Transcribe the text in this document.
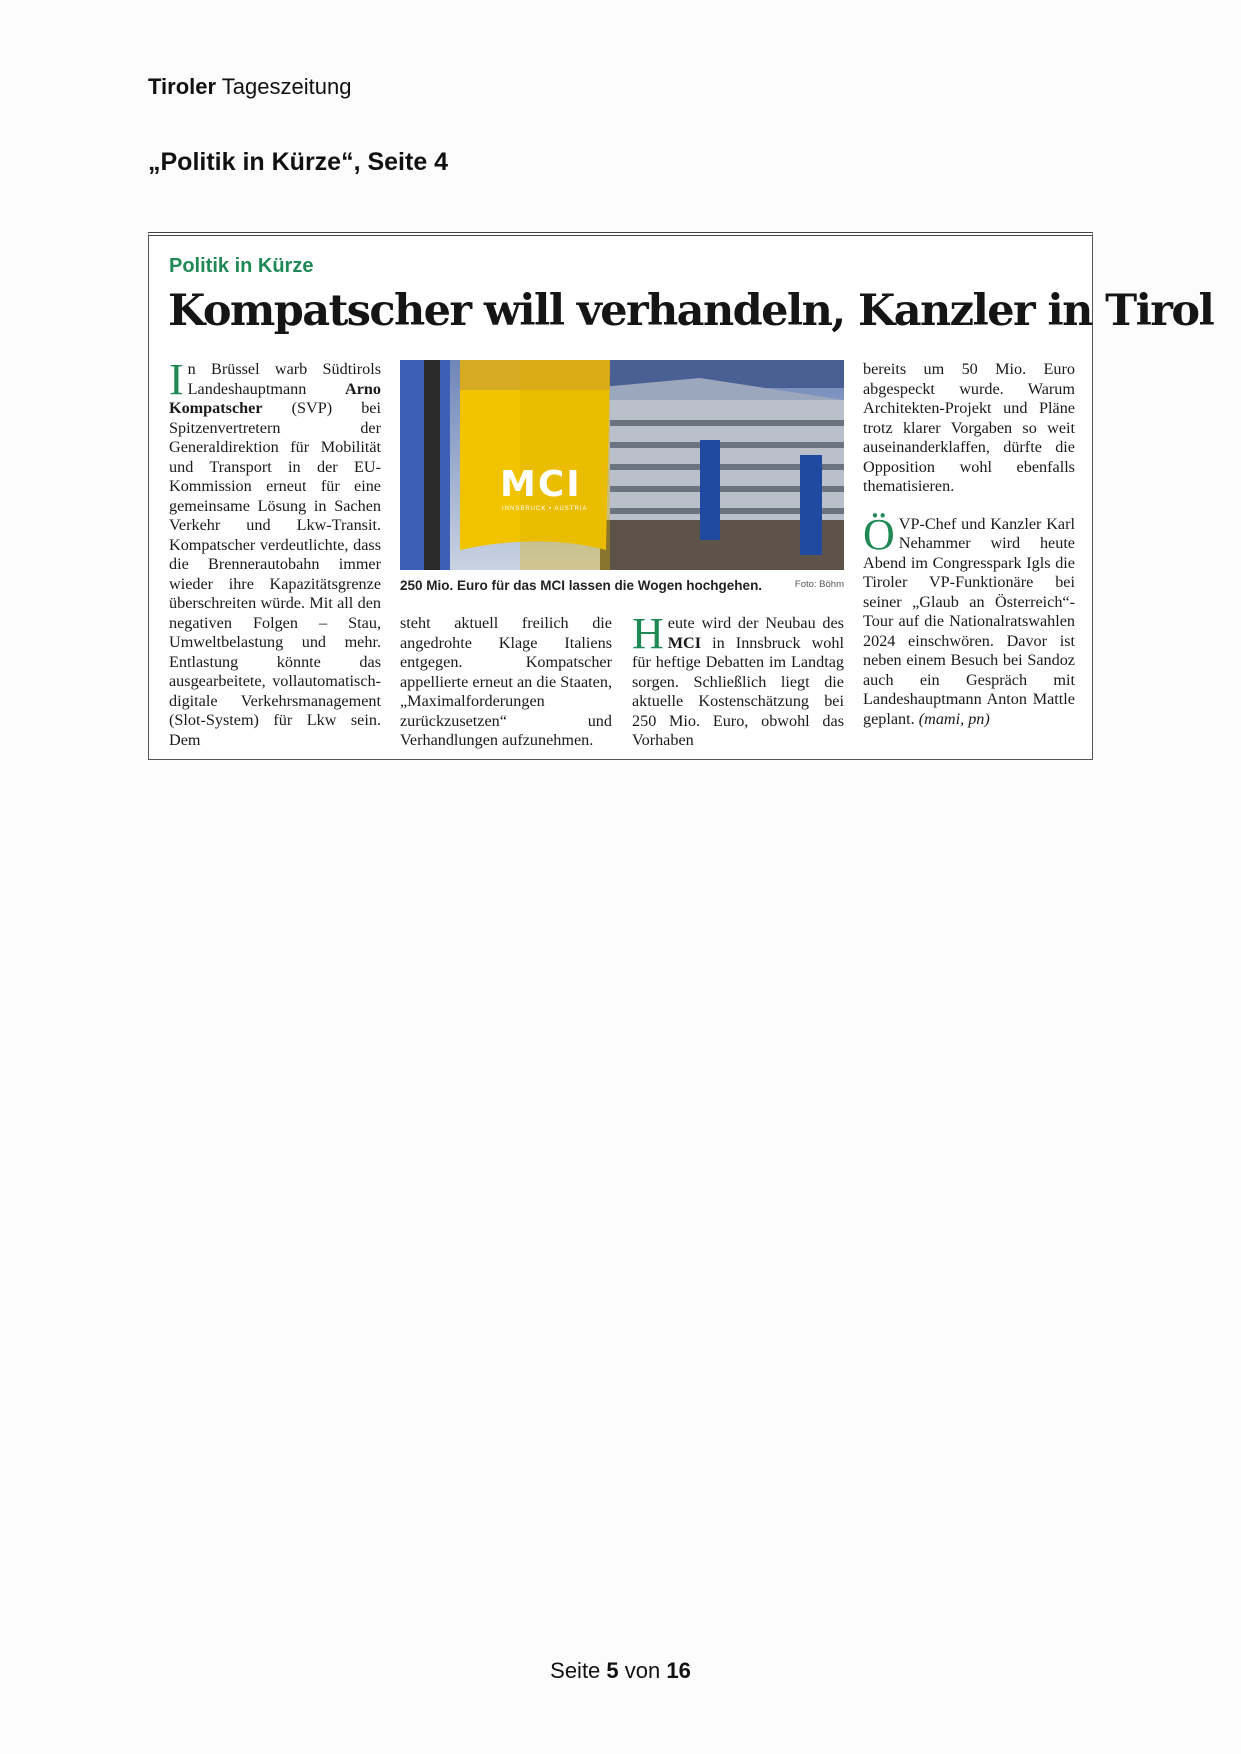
Tiroler Tageszeitung
„Politik in Kürze“, Seite 4
Politik in Kürze
Kompatscher will verhandeln, Kanzler in Tirol

In Brüssel warb Südtirols Landeshauptmann Arno Kompatscher (SVP) bei Spitzenvertretern der Generaldirektion für Mobilität und Transport in der EU-Kommission erneut für eine gemeinsame Lösung in Sachen Verkehr und Lkw-Transit. Kompatscher verdeutlichte, dass die Brennerautobahn immer wieder ihre Kapazitätsgrenze überschreiten würde. Mit all den negativen Folgen – Stau, Umweltbelastung und mehr. Entlastung könnte das ausgearbeitete, vollautomatisch-digitale Verkehrsmanagement (Slot-System) für Lkw sein. Dem

MCI
INNSBRUCK • AUSTRIA
250 Mio. Euro für das MCI lassen die Wogen hochgehen.	Foto: Böhm

steht aktuell freilich die angedrohte Klage Italiens entgegen. Kompatscher appellierte erneut an die Staaten, „Maximalforderungen zurückzusetzen“ und Verhandlungen aufzunehmen.

Heute wird der Neubau des MCI in Innsbruck wohl für heftige Debatten im Landtag sorgen. Schließlich liegt die aktuelle Kostenschätzung bei 250 Mio. Euro, obwohl das Vorhaben

bereits um 50 Mio. Euro abgespeckt wurde. Warum Architekten-Projekt und Pläne trotz klarer Vorgaben so weit auseinanderklaffen, dürfte die Opposition wohl ebenfalls thematisieren.

ÖVP-Chef und Kanzler Karl Nehammer wird heute Abend im Congresspark Igls die Tiroler VP-Funktionäre bei seiner „Glaub an Österreich“-Tour auf die Nationalratswahlen 2024 einschwören. Davor ist neben einem Besuch bei Sandoz auch ein Gespräch mit Landeshauptmann Anton Mattle geplant. (mami, pn)

Seite 5 von 16
